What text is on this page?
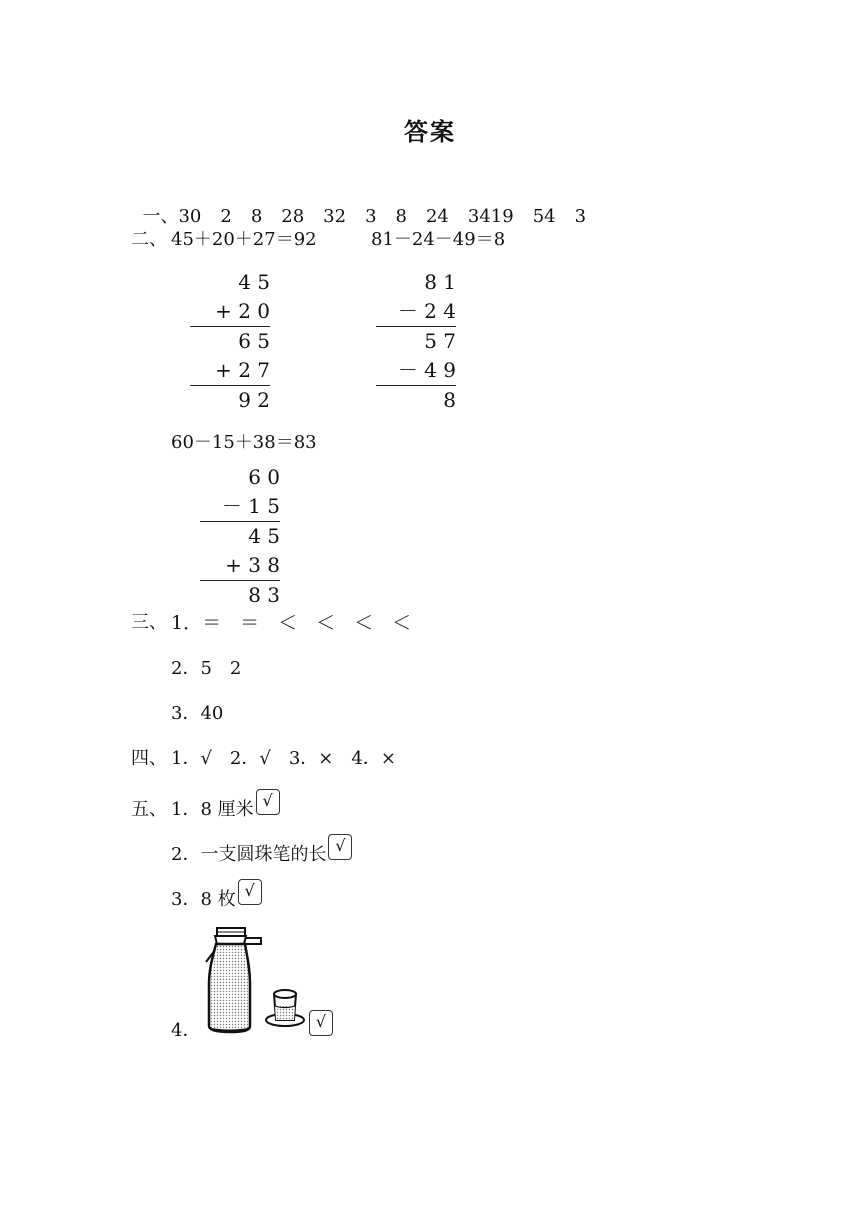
答案

一、30 2 8 28 32 3 8 24 3419 54 3

二、 45＋20＋27＝92	81－24－49＝8
4 5
+ 2 0
6 5
+ 2 7
9 2
8 1
－ 2 4
5 7
－ 4 9
8
60－15＋38＝83
6 0
－ 1 5
4 5
+ 3 8
8 3
三、 1．＝　＝　＜　＜　＜　＜
2．5　2
3．40
四、 1．√　2．√　3．×　4．×
五、 1．8 厘米 √
2．一支圆珠笔的长 √
3．8 枚 √
4．	√
